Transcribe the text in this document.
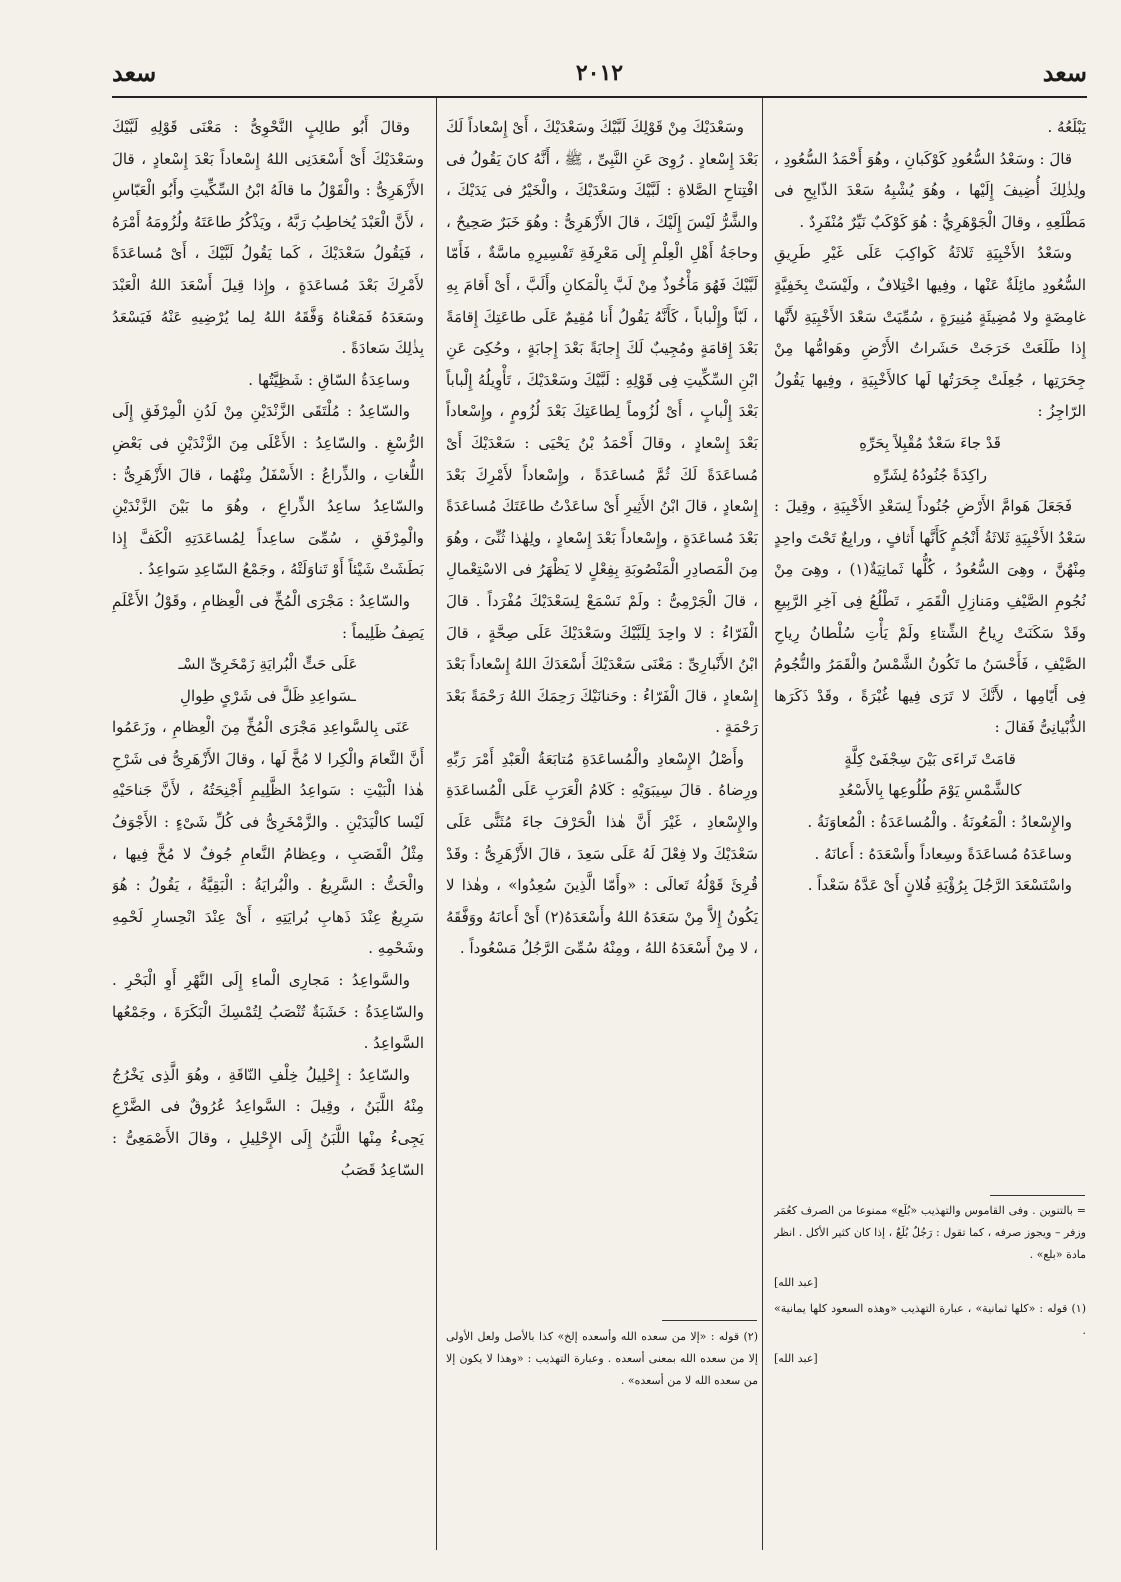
سعد
٢٠١٢
سعد

يَبْلَعُهُ .

قالَ : وسَعْدُ السُّعُودِ كَوْكَبانِ ، وهُوَ أَحْمَدُ السُّعُودِ ، ولِذٰلِكَ أُضِيفَ إِلَيْها ، وهُوَ يُشْبِهُ سَعْدَ الذّابِحِ فى مَطْلَعِهِ ، وقالَ الْجَوْهَرِيُّ : هُوَ كَوْكَبٌ نَيِّرٌ مُنْفَرِدٌ .

وسَعْدُ الأَخْبِيَةِ ثَلاثَةُ كَواكِبَ عَلَى غَيْرِ طَرِيقِ السُّعُودِ مائِلَةٌ عَنْها ، وفِيها اخْتِلافٌ ، ولَيْسَتْ بِخَفِيَّةٍ غامِضَةٍ ولا مُضِيئَةٍ مُنِيرَةٍ ، سُمِّيَتْ سَعْدَ الأَخْبِيَةِ لأَنَّها إِذا طَلَعَتْ خَرَجَتْ حَشَراتُ الأَرْضِ وهَوامُّها مِنْ جِحَرَتِها ، جُعِلَتْ جِحَرَتُها لَها كالأَخْبِيَةِ ، وفِيها يَقُولُ الرّاجِزُ :

قَدْ جاءَ سَعْدٌ مُقْبِلاً بِحَرِّهِ

راكِدَةً جُنُودُهُ لِشَرِّهِ

فَجَعَلَ هَوامَّ الأَرْضِ جُنُوداً لِسَعْدِ الأَخْبِيَةِ ، وقِيلَ : سَعْدُ الأَخْبِيَةِ ثَلاثَةُ أَنْجُمٍ كَأَنَّها أَثافٍ ، ورابِعٌ تَحْتَ واحِدٍ مِنْهُنَّ ، وهِىَ السُّعُودُ ، كُلُّها ثَمانِيَةٌ(١) ، وهِىَ مِنْ نُجُومِ الصَّيْفِ ومَنازِلِ الْقَمَرِ ، تَطْلُعُ فِى آخِرِ الرَّبِيعِ وقَدْ سَكَنَتْ رِياحُ الشِّتاءِ ولَمْ يَأْتِ سُلْطانُ رِياحِ الصَّيْفِ ، فَأَحْسَنُ ما تَكُونُ الشَّمْسُ والْقَمَرُ والنُّجُومُ فِى أَيّامِها ، لأَنَّكَ لا تَرَى فِيها غُبْرَةً ، وقَدْ ذَكَرَها الذُّبْيانِىُّ فَقالَ :

قامَتْ تَراءَى بَيْنَ سِجْفَىْ كِلَّةٍ

كالشَّمْسِ يَوْمَ طُلُوعِها بِالأَسْعُدِ

والإِسْعادُ : الْمَعُونَةُ . والْمُساعَدَةُ : الْمُعاوَنَةُ .

وساعَدَهُ مُساعَدَةً وسِعاداً وأَسْعَدَهُ : أَعانَهُ .

واسْتَسْعَدَ الرَّجُلَ بِرُؤْيَةِ فُلانٍ أَىْ عَدَّهُ سَعْداً .

= بالتنوين . وفى القاموس والتهذيب «بُلَع» ممنوعا من الصرف كعُمَر وزفر – ويجوز صرفه ، كما تقول : رَجُلٌ بُلَعٌ ، إذا كان كثير الأكل . انظر مادة «بلع» .

[عبد الله]

(١) قوله : «كلها ثمانية» ، عبارة التهذيب «وهذه السعود كلها يمانية» .

[عبد الله]

وسَعْدَيْكَ مِنْ قَوْلِكَ لَبَّيْكَ وسَعْدَيْكَ ، أَىْ إِسْعاداً لَكَ بَعْدَ إِسْعادٍ . رُوِىَ عَنِ النَّبِىِّ ، ﷺ ، أَنَّهُ كانَ يَقُولُ فى افْتِتاحِ الصَّلاةِ : لَبَّيْكَ وسَعْدَيْكَ ، والْخَيْرُ فى يَدَيْكَ ، والشَّرُّ لَيْسَ إِلَيْكَ ، قالَ الأَزْهَرِىُّ : وهُوَ خَبَرٌ صَحِيحٌ ، وحاجَةُ أَهْلِ الْعِلْمِ إِلَى مَعْرِفَةِ تَفْسِيرِهِ ماسَّةٌ ، فَأَمّا لَبَّيْكَ فَهُوَ مَأْخُوذٌ مِنْ لَبَّ بِالْمَكانِ وأَلَبَّ ، أَىْ أَقامَ بِهِ ، لَبّاً وإِلْباباً ، كَأَنَّهُ يَقُولُ أَنا مُقِيمٌ عَلَى طاعَتِكَ إِقامَةً بَعْدَ إِقامَةٍ ومُجِيبٌ لَكَ إِجابَةً بَعْدَ إِجابَةٍ ، وحُكِىَ عَنِ ابْنِ السِّكِّيتِ فِى قَوْلِهِ : لَبَّيْكَ وسَعْدَيْكَ ، تَأْوِيلُهُ إِلْباباً بَعْدَ إِلْبابٍ ، أَىْ لُزُوماً لِطاعَتِكَ بَعْدَ لُزُومٍ ، وإِسْعاداً بَعْدَ إِسْعادٍ ، وقالَ أَحْمَدُ بْنُ يَحْيَى : سَعْدَيْكَ أَىْ مُساعَدَةً لَكَ ثُمَّ مُساعَدَةً ، وإِسْعاداً لأَمْرِكَ بَعْدَ إِسْعادٍ ، قالَ ابْنُ الأَثِيرِ أَىْ ساعَدْتُ طاعَتَكَ مُساعَدَةً بَعْدَ مُساعَدَةٍ ، وإِسْعاداً بَعْدَ إِسْعادٍ ، ولِهٰذا ثُنِّىَ ، وهُوَ مِنَ الْمَصادِرِ الْمَنْصُوبَةِ بِفِعْلٍ لا يَظْهَرُ فى الاسْتِعْمالِ ، قالَ الْجَرْمِىُّ : ولَمْ نَسْمَعْ لِسَعْدَيْكَ مُفْرَداً . قالَ الْفَرّاءُ : لا واحِدَ لِلَبَّيْكَ وسَعْدَيْكَ عَلَى صِحَّةٍ ، قالَ ابْنُ الأَنْبارِىِّ : مَعْنَى سَعْدَيْكَ أَسْعَدَكَ اللهُ إِسْعاداً بَعْدَ إِسْعادٍ ، قالَ الْفَرّاءُ : وحَنانَيْكَ رَحِمَكَ اللهُ رَحْمَةً بَعْدَ رَحْمَةٍ .

وأَصْلُ الإِسْعادِ والْمُساعَدَةِ مُتابَعَةُ الْعَبْدِ أَمْرَ رَبِّهِ ورِضاهُ . قالَ سِيبَوَيْهِ : كَلامُ الْعَرَبِ عَلَى الْمُساعَدَةِ والإِسْعادِ ، غَيْرَ أَنَّ هٰذا الْحَرْفَ جاءَ مُثَنًّى عَلَى سَعْدَيْكَ ولا فِعْلَ لَهُ عَلَى سَعِدَ ، قالَ الأَزْهَرِىُّ : وقَدْ قُرِئَ قَوْلُهُ تَعالَى : «وأَمّا الَّذِينَ سُعِدُوا» ، وهٰذا لا يَكُونُ إِلاَّ مِنْ سَعَدَهُ اللهُ وأَسْعَدَهُ(٢) أَىْ أَعانَهُ ووَفَّقَهُ ، لا مِنْ أَسْعَدَهُ اللهُ ، ومِنْهُ سُمِّىَ الرَّجُلُ مَسْعُوداً .

(٢) قوله : «إلا من سعده الله وأسعده إلخ» كذا بالأصل ولعل الأولى إلا من سعده الله بمعنى أسعده . وعبارة التهذيب : «وهذا لا يكون إلا من سعده الله لا من أسعده» .

وقالَ أَبُو طالِبٍ النَّحْوِىُّ : مَعْنَى قَوْلِهِ لَبَّيْكَ وسَعْدَيْكَ أَىْ أَسْعَدَنِى اللهُ إِسْعاداً بَعْدَ إِسْعادٍ ، قالَ الأَزْهَرِىُّ : والْقَوْلُ ما قالَهُ ابْنُ السِّكِّيتِ وأَبُو الْعَبّاسِ ، لأَنَّ الْعَبْدَ يُخاطِبُ رَبَّهُ ، ويَذْكُرُ طاعَتَهُ ولُزُومَهُ أَمْرَهُ ، فَيَقُولُ سَعْدَيْكَ ، كَما يَقُولُ لَبَّيْكَ ، أَىْ مُساعَدَةً لأَمْرِكَ بَعْدَ مُساعَدَةٍ ، وإِذا قِيلَ أَسْعَدَ اللهُ الْعَبْدَ وسَعَدَهُ فَمَعْناهُ وَفَّقَهُ اللهُ لِما يُرْضِيهِ عَنْهُ فَيَسْعَدُ بِذٰلِكَ سَعادَةً .

وساعِدَةُ السّاقِ : شَظِيَّتُها .

والسّاعِدُ : مُلْتَقَى الزَّنْدَيْنِ مِنْ لَدُنِ الْمِرْفَقِ إِلَى الرُّسْغِ . والسّاعِدُ : الأَعْلَى مِنَ الزَّنْدَيْنِ فى بَعْضِ اللُّغاتِ ، والذِّراعُ : الأَسْفَلُ مِنْهُما ، قالَ الأَزْهَرِىُّ : والسّاعِدُ ساعِدُ الذِّراعِ ، وهُوَ ما بَيْنَ الزَّنْدَيْنِ والْمِرْفَقِ ، سُمِّىَ ساعِداً لِمُساعَدَتِهِ الْكَفَّ إِذا بَطَشَتْ شَيْئاً أَوْ تَناوَلَتْهُ ، وجَمْعُ السّاعِدِ سَواعِدُ .

والسّاعِدُ : مَجْرَى الْمُخِّ فى الْعِظامِ ، وقَوْلُ الأَعْلَمِ يَصِفُ ظَلِيماً :

عَلَى حَتٍّ الْبُرايَةِ زَمْخَرِىِّ السْـ

ـسَواعِدِ ظَلَّ فى شَرْىٍ طِوالِ

عَنَى بِالسَّواعِدِ مَجْرَى الْمُخِّ مِنَ الْعِظامِ ، وزَعَمُوا أَنَّ النَّعامَ والْكِرا لا مُخَّ لَها ، وقالَ الأَزْهَرِىُّ فى شَرْحِ هٰذا الْبَيْتِ : سَواعِدُ الظَّلِيمِ أَجْنِحَتُهُ ، لأَنَّ جَناحَيْهِ لَيْسا كالْيَدَيْنِ . والزَّمْخَرِىُّ فى كُلِّ شَىْءٍ : الأَجْوَفُ مِثْلُ الْقَصَبِ ، وعِظامُ النَّعامِ جُوفٌ لا مُخَّ فِيها ، والْحَتُّ : السَّرِيعُ . والْبُرايَةُ : الْبَقِيَّةُ ، يَقُولُ : هُوَ سَرِيعٌ عِنْدَ ذَهابِ بُرايَتِهِ ، أَىْ عِنْدَ انْحِسارِ لَحْمِهِ وشَحْمِهِ .

والسَّواعِدُ : مَجارِى الْماءِ إِلَى النَّهْرِ أَوِ الْبَحْرِ . والسّاعِدَةُ : خَشَبَةٌ تُنْصَبُ لِتُمْسِكَ الْبَكَرَةَ ، وجَمْعُها السَّواعِدُ .

والسّاعِدُ : إِحْلِيلُ خِلْفِ النّاقَةِ ، وهُوَ الَّذِى يَخْرُجُ مِنْهُ اللَّبَنُ ، وقِيلَ : السَّواعِدُ عُرُوقٌ فى الضَّرْعِ يَجِىءُ مِنْها اللَّبَنُ إِلَى الإِحْلِيلِ ، وقالَ الأَصْمَعِىُّ : السّاعِدُ قَصَبُ
